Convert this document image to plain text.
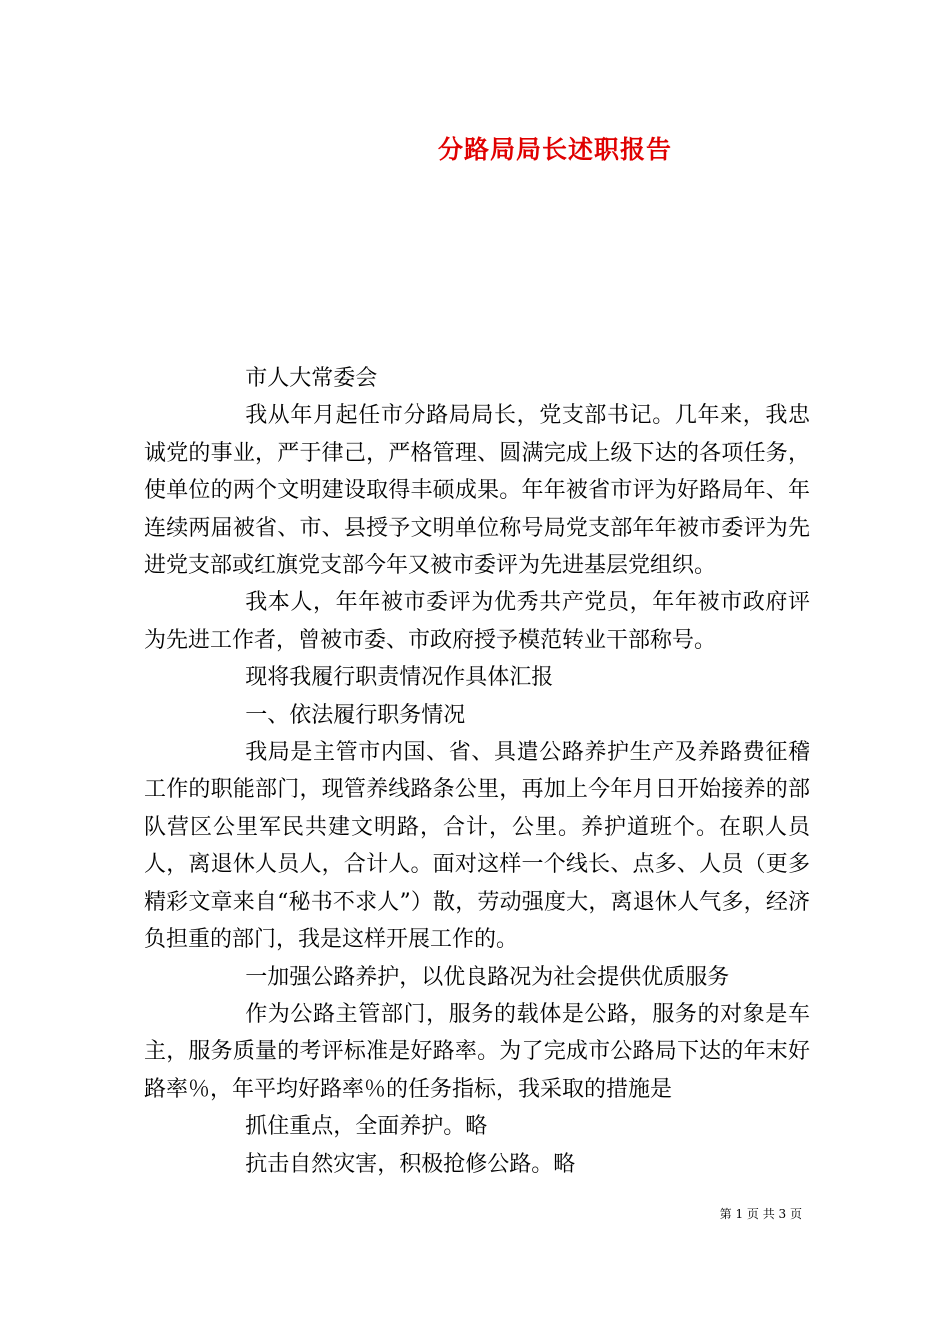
分路局局长述职报告

市人大常委会

我从年月起任市分路局局长，党支部书记。几年来，我忠诚党的事业，严于律己，严格管理、圆满完成上级下达的各项任务，使单位的两个文明建设取得丰硕成果。年年被省市评为好路局年、年连续两届被省、市、县授予文明单位称号局党支部年年被市委评为先进党支部或红旗党支部今年又被市委评为先进基层党组织。

我本人，年年被市委评为优秀共产党员，年年被市政府评为先进工作者，曾被市委、市政府授予模范转业干部称号。

现将我履行职责情况作具体汇报

一、依法履行职务情况

我局是主管市内国、省、具遣公路养护生产及养路费征稽工作的职能部门，现管养线路条公里，再加上今年月日开始接养的部队营区公里军民共建文明路，合计，公里。养护道班个。在职人员人，离退休人员人，合计人。面对这样一个线长、点多、人员（更多精彩文章来自“秘书不求人”）散，劳动强度大，离退休人气多，经济负担重的部门，我是这样开展工作的。

一加强公路养护，以优良路况为社会提供优质服务

作为公路主管部门，服务的载体是公路，服务的对象是车主，服务质量的考评标准是好路率。为了完成市公路局下达的年末好路率％，年平均好路率％的任务指标，我采取的措施是

抓住重点，全面养护。略

抗击自然灾害，积极抢修公路。略

第 1 页 共 3 页
